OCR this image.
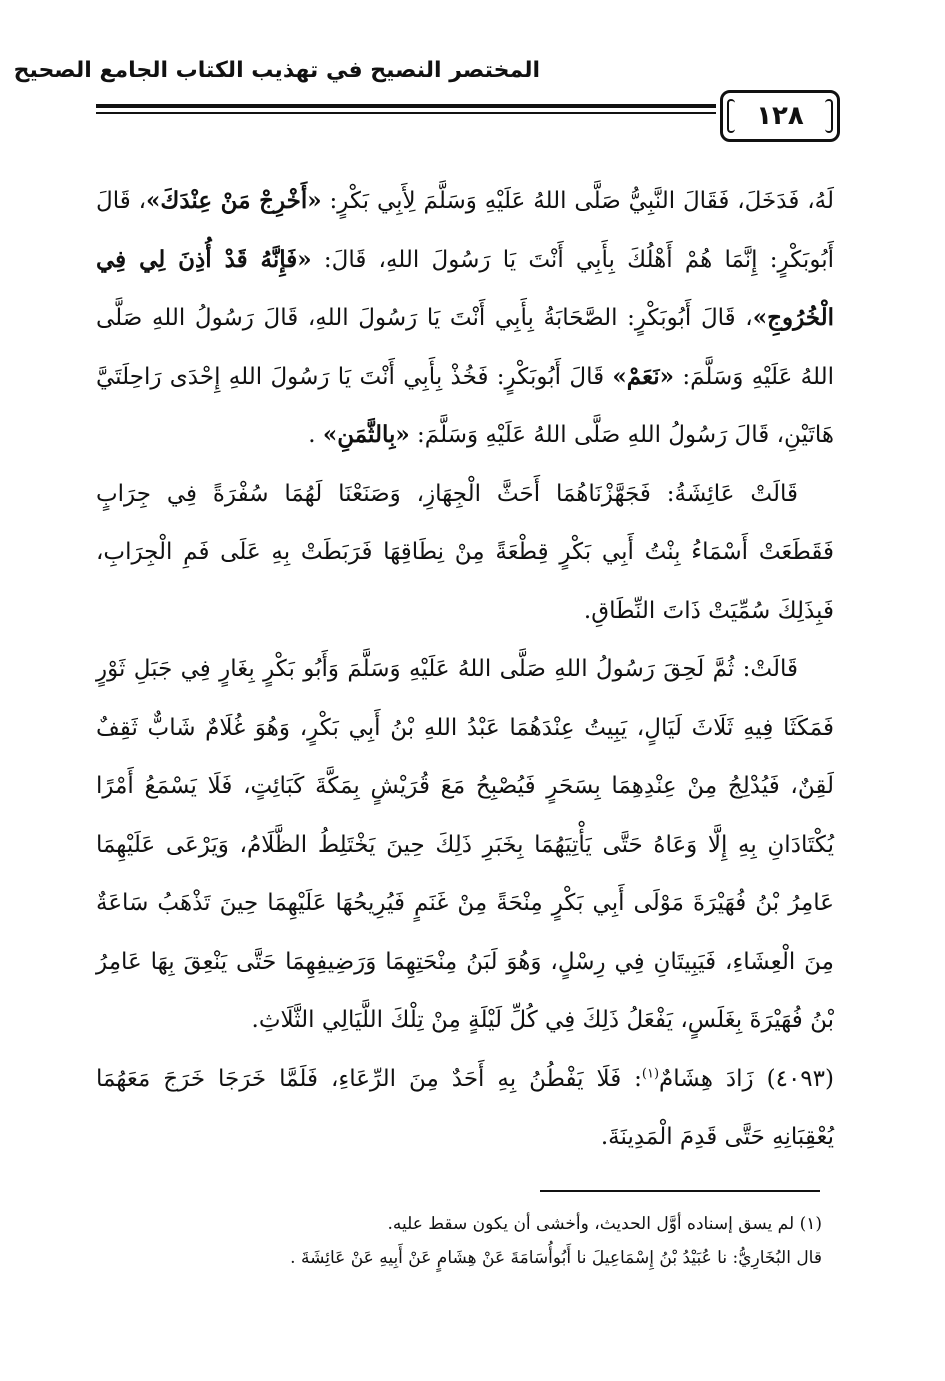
المختصر النصيح في تهذيب الكتاب الجامع الصحيح
١٢٨

لَهُ، فَدَخَلَ، فَقَالَ النَّبِيُّ صَلَّى اللهُ عَلَيْهِ وَسَلَّمَ لِأَبِي بَكْرٍ: «أَخْرِجْ مَنْ عِنْدَكَ»، قَالَ أَبُوبَكْرٍ: إِنَّمَا هُمْ أَهْلُكَ بِأَبِي أَنْتَ يَا رَسُولَ اللهِ، قَالَ: «فَإِنَّهُ قَدْ أُذِنَ لِي فِي الْخُرُوجِ»، قَالَ أَبُوبَكْرٍ: الصَّحَابَةُ بِأَبِي أَنْتَ يَا رَسُولَ اللهِ، قَالَ رَسُولُ اللهِ صَلَّى اللهُ عَلَيْهِ وَسَلَّمَ: «نَعَمْ» قَالَ أَبُوبَكْرٍ: فَخُذْ بِأَبِي أَنْتَ يَا رَسُولَ اللهِ إِحْدَى رَاحِلَتَيَّ هَاتَيْنِ، قَالَ رَسُولُ اللهِ صَلَّى اللهُ عَلَيْهِ وَسَلَّمَ: «بِالثَّمَنِ» .

قَالَتْ عَائِشَةُ: فَجَهَّزْنَاهُمَا أَحَثَّ الْجِهَازِ، وَصَنَعْنَا لَهُمَا سُفْرَةً فِي جِرَابٍ فَقَطَعَتْ أَسْمَاءُ بِنْتُ أَبِي بَكْرٍ قِطْعَةً مِنْ نِطَاقِهَا فَرَبَطَتْ بِهِ عَلَى فَمِ الْجِرَابِ، فَبِذَلِكَ سُمِّيَتْ ذَاتَ النِّطَاقِ.

قَالَتْ: ثُمَّ لَحِقَ رَسُولُ اللهِ صَلَّى اللهُ عَلَيْهِ وَسَلَّمَ وَأَبُو بَكْرٍ بِغَارٍ فِي جَبَلِ ثَوْرٍ فَمَكَثَا فِيهِ ثَلَاثَ لَيَالٍ، يَبِيتُ عِنْدَهُمَا عَبْدُ اللهِ بْنُ أَبِي بَكْرٍ، وَهُوَ غُلَامٌ شَابٌّ ثَقِفٌ لَقِنٌ، فَيُدْلِجُ مِنْ عِنْدِهِمَا بِسَحَرٍ فَيُصْبِحُ مَعَ قُرَيْشٍ بِمَكَّةَ كَبَائِتٍ، فَلَا يَسْمَعُ أَمْرًا يُكْتَادَانِ بِهِ إِلَّا وَعَاهُ حَتَّى يَأْتِيَهُمَا بِخَبَرِ ذَلِكَ حِينَ يَخْتَلِطُ الظَّلَامُ، وَيَرْعَى عَلَيْهِمَا عَامِرُ بْنُ فُهَيْرَةَ مَوْلَى أَبِي بَكْرٍ مِنْحَةً مِنْ غَنَمٍ فَيُرِيحُهَا عَلَيْهِمَا حِينَ تَذْهَبُ سَاعَةٌ مِنَ الْعِشَاءِ، فَيَبِيتَانِ فِي رِسْلٍ، وَهُوَ لَبَنُ مِنْحَتِهِمَا وَرَضِيفِهِمَا حَتَّى يَنْعِقَ بِهَا عَامِرُ بْنُ فُهَيْرَةَ بِغَلَسٍ، يَفْعَلُ ذَلِكَ فِي كُلِّ لَيْلَةٍ مِنْ تِلْكَ اللَّيَالِي الثَّلَاثِ.

(٤٠٩٣) زَادَ هِشَامٌ$^{(١)}$: فَلَا يَفْطُنُ بِهِ أَحَدٌ مِنَ الرِّعَاءِ، فَلَمَّا خَرَجَا خَرَجَ مَعَهُمَا يُعْقِبَانِهِ حَتَّى قَدِمَ الْمَدِينَةَ.

(١) لم يسق إسناده أوَّل الحديث، وأخشى أن يكون سقط عليه.

قال البُخَارِيُّ: نا عُبَيْدُ بْنُ إِسْمَاعِيلَ نا أَبُوأُسَامَةَ عَنْ هِشَامٍ عَنْ أَبِيهِ عَنْ عَائِشَةَ .
